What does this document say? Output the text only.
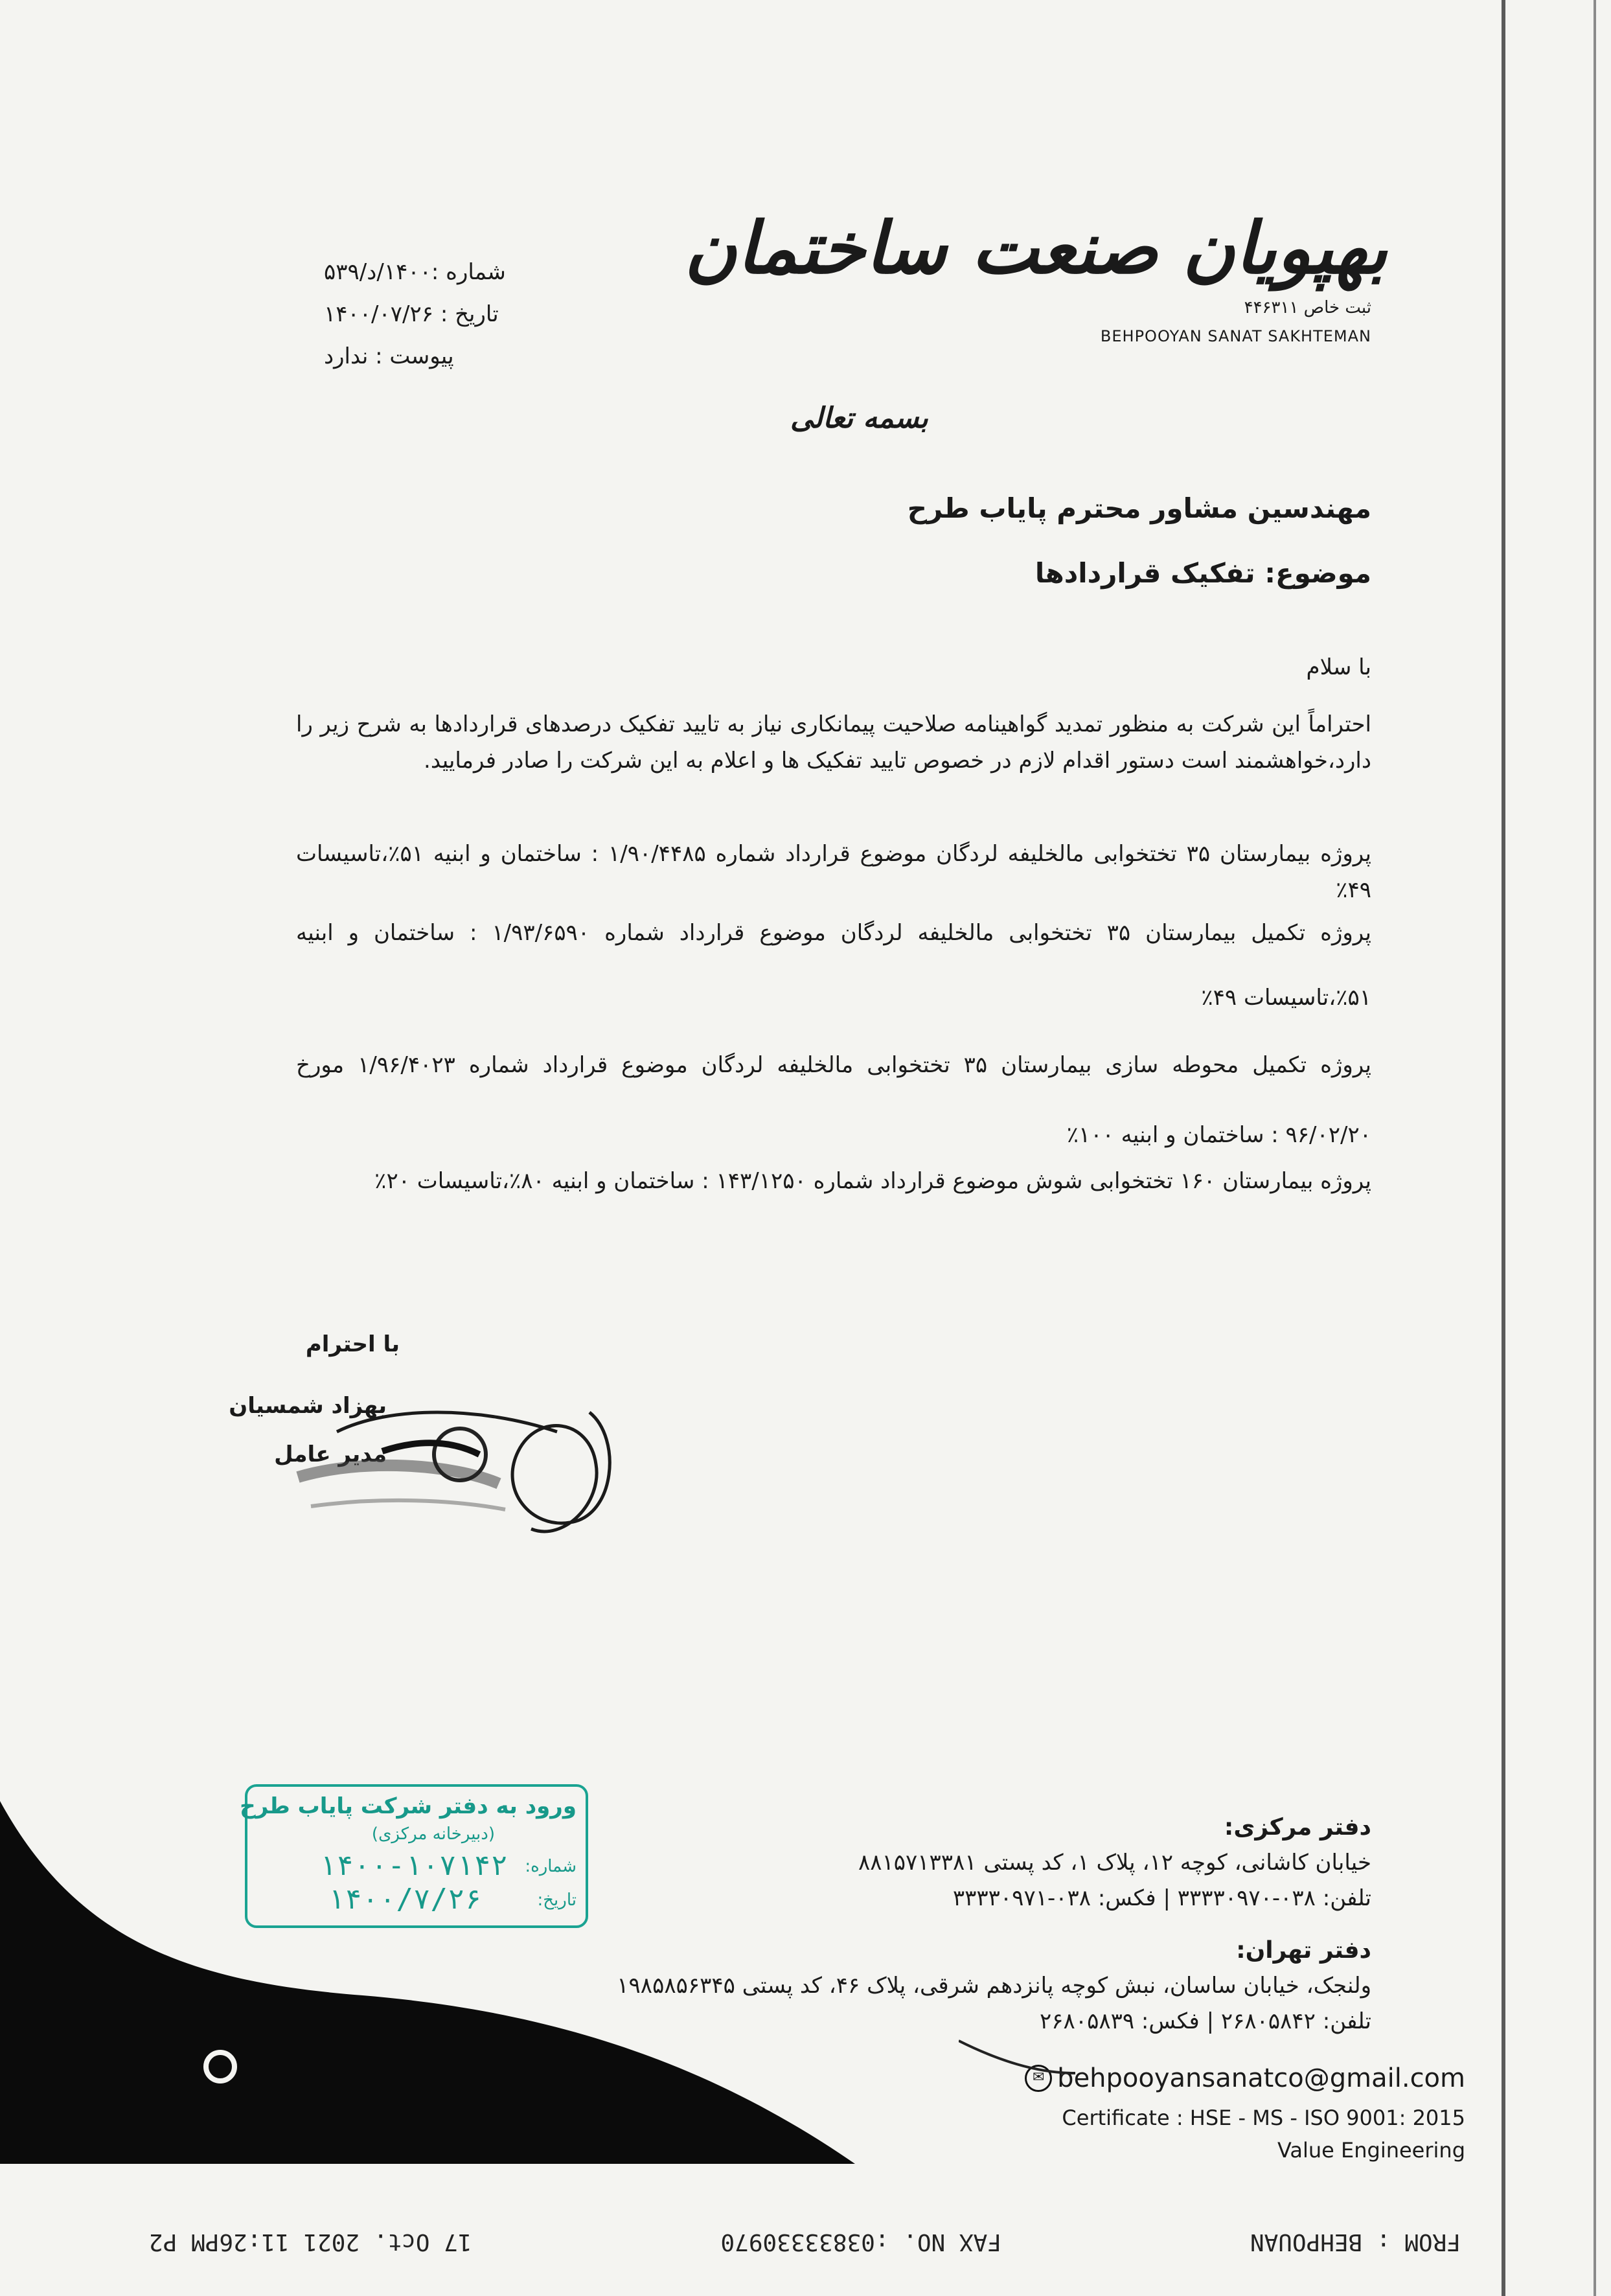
بهپویان صنعت ساختمان
ثبت خاص ۴۴۶۳۱۱
BEHPOOYAN SANAT SAKHTEMAN
شماره :۱۴۰۰/د/۵۳۹
تاریخ : ۱۴۰۰/۰۷/۲۶
پیوست : ندارد
بسمه تعالی
مهندسین مشاور محترم پایاب طرح
موضوع: تفکیک قراردادها
با سلام
احتراماً این شرکت به منظور تمدید گواهینامه صلاحیت پیمانکاری نیاز به تایید تفکیک درصدهای قراردادها به شرح زیر را دارد،خواهشمند است دستور اقدام لازم در خصوص تایید تفکیک ها و اعلام به این شرکت را صادر فرمایید.
پروژه بیمارستان ۳۵ تختخوابی مالخلیفه لردگان موضوع قرارداد شماره ۱/۹۰/۴۴۸۵ : ساختمان و ابنیه ۵۱٪،تاسیسات ۴۹٪
پروژه تکمیل بیمارستان ۳۵ تختخوابی مالخلیفه لردگان موضوع قرارداد شماره ۱/۹۳/۶۵۹۰ : ساختمان و ابنیه ۵۱٪،تاسیسات ۴۹٪
پروژه تکمیل محوطه سازی بیمارستان ۳۵ تختخوابی مالخلیفه لردگان موضوع قرارداد شماره ۱/۹۶/۴۰۲۳ مورخ ۹۶/۰۲/۲۰ : ساختمان و ابنیه ۱۰۰٪
پروژه بیمارستان ۱۶۰ تختخوابی شوش موضوع قرارداد شماره ۱۴۳/۱۲۵۰ : ساختمان و ابنیه ۸۰٪،تاسیسات ۲۰٪
با احترام
بهزاد شمسیان
مدیر عامل
ورود به دفتر شرکت پایاب طرح
(دبیرخانه مرکزی)
شماره:
۱۴۰۰-۱۰۷۱۴۲
تاریخ:
۱۴۰۰/۷/۲۶
دفتر مرکزی:
خیابان کاشانی، کوچه ۱۲، پلاک ۱، کد پستی ۸۸۱۵۷۱۳۳۸۱
تلفن: ۰۳۸-۳۳۳۳۰۹۷۰ | فکس: ۰۳۸-۳۳۳۳۰۹۷۱
دفتر تهران:
ولنجک، خیابان ساسان، نبش کوچه پانزدهم شرقی، پلاک ۴۶، کد پستی ۱۹۸۵۸۵۶۳۴۵
تلفن: ۲۶۸۰۵۸۴۲ | فکس: ۲۶۸۰۵۸۳۹
✉ behpooyansanatco@gmail.com
Certificate : HSE - MS - ISO 9001: 2015
Value Engineering
FROM : BEHPOUAN
FAX NO. :03833330970
17 Oct. 2021 11:26PM P2
